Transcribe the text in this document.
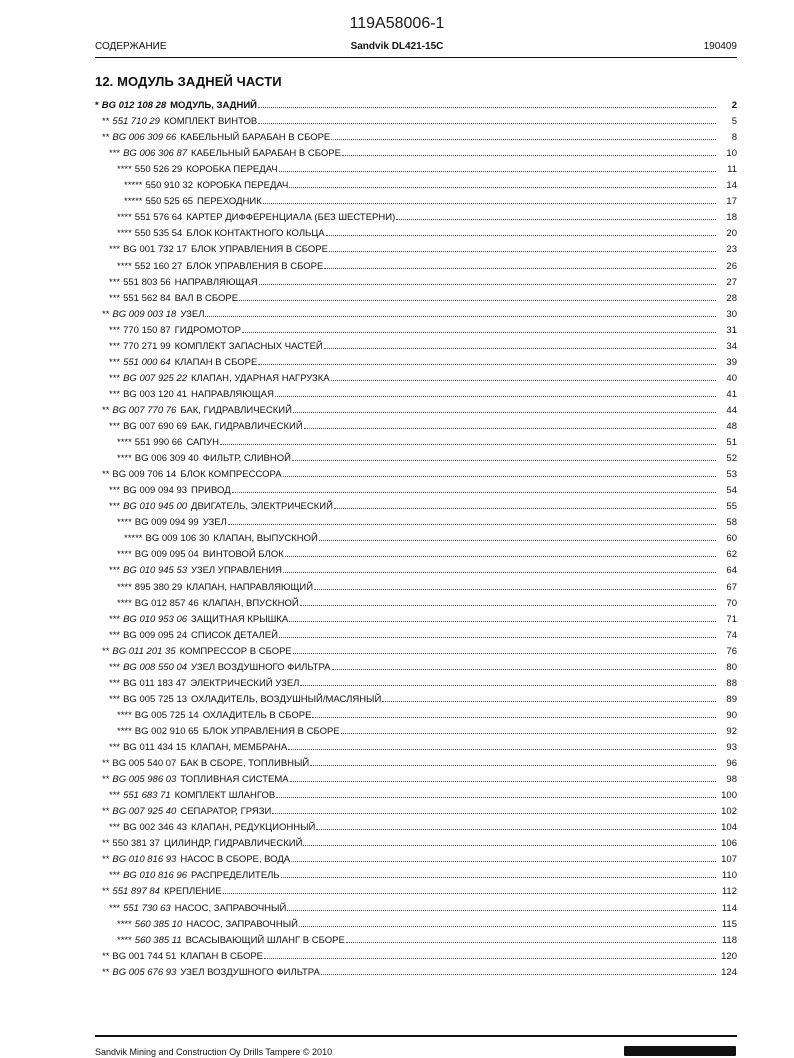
119A58006-1
СОДЕРЖАНИЕ	Sandvik DL421-15C	190409
12. МОДУЛЬ ЗАДНЕЙ ЧАСТИ
* BG 012 108 28 МОДУЛЬ, ЗАДНИЙ	2
** 551 710 29 КОМПЛЕКТ ВИНТОВ	5
** BG 006 309 66 КАБЕЛЬНЫЙ БАРАБАН В СБОРЕ	8
*** BG 006 306 87 КАБЕЛЬНЫЙ БАРАБАН В СБОРЕ	10
**** 550 526 29 КОРОБКА ПЕРЕДАЧ	11
***** 550 910 32 КОРОБКА ПЕРЕДАЧ	14
***** 550 525 65 ПЕРЕХОДНИК	17
**** 551 576 64 КАРТЕР ДИФФЕРЕНЦИАЛА (БЕЗ ШЕСТЕРНИ)	18
**** 550 535 54 БЛОК КОНТАКТНОГО КОЛЬЦА	20
*** BG 001 732 17 БЛОК УПРАВЛЕНИЯ В СБОРЕ	23
**** 552 160 27 БЛОК УПРАВЛЕНИЯ В СБОРЕ	26
*** 551 803 56 НАПРАВЛЯЮЩАЯ	27
*** 551 562 84 ВАЛ В СБОРЕ	28
** BG 009 003 18 УЗЕЛ	30
*** 770 150 87 ГИДРОМОТОР	31
*** 770 271 99 КОМПЛЕКТ ЗАПАСНЫХ ЧАСТЕЙ	34
*** 551 000 64 КЛАПАН В СБОРЕ	39
*** BG 007 925 22 КЛАПАН, УДАРНАЯ НАГРУЗКА	40
*** BG 003 120 41 НАПРАВЛЯЮЩАЯ	41
** BG 007 770 76 БАК, ГИДРАВЛИЧЕСКИЙ	44
*** BG 007 690 69 БАК, ГИДРАВЛИЧЕСКИЙ	48
**** 551 990 66 САПУН	51
**** BG 006 309 40 ФИЛЬТР, СЛИВНОЙ	52
** BG 009 706 14 БЛОК КОМПРЕССОРА	53
*** BG 009 094 93 ПРИВОД	54
*** BG 010 945 00 ДВИГАТЕЛЬ, ЭЛЕКТРИЧЕСКИЙ	55
**** BG 009 094 99 УЗЕЛ	58
***** BG 009 106 30 КЛАПАН, ВЫПУСКНОЙ	60
**** BG 009 095 04 ВИНТОВОЙ БЛОК	62
*** BG 010 945 53 УЗЕЛ УПРАВЛЕНИЯ	64
**** 895 380 29 КЛАПАН, НАПРАВЛЯЮЩИЙ	67
**** BG 012 857 46 КЛАПАН, ВПУСКНОЙ	70
*** BG 010 953 06 ЗАЩИТНАЯ КРЫШКА	71
*** BG 009 095 24 СПИСОК ДЕТАЛЕЙ	74
** BG 011 201 35 КОМПРЕССОР В СБОРЕ	76
*** BG 008 550 04 УЗЕЛ ВОЗДУШНОГО ФИЛЬТРА	80
*** BG 011 183 47 ЭЛЕКТРИЧЕСКИЙ УЗЕЛ	88
*** BG 005 725 13 ОХЛАДИТЕЛЬ, ВОЗДУШНЫЙ/МАСЛЯНЫЙ	89
**** BG 005 725 14 ОХЛАДИТЕЛЬ В СБОРЕ	90
**** BG 002 910 65 БЛОК УПРАВЛЕНИЯ В СБОРЕ	92
*** BG 011 434 15 КЛАПАН, МЕМБРАНА	93
** BG 005 540 07 БАК В СБОРЕ, ТОПЛИВНЫЙ	96
** BG 005 986 03 ТОПЛИВНАЯ СИСТЕМА	98
*** 551 683 71 КОМПЛЕКТ ШЛАНГОВ	100
** BG 007 925 40 СЕПАРАТОР, ГРЯЗИ	102
*** BG 002 346 43 КЛАПАН, РЕДУКЦИОННЫЙ	104
** 550 381 37 ЦИЛИНДР, ГИДРАВЛИЧЕСКИЙ	106
** BG 010 816 93 НАСОС В СБОРЕ, ВОДА	107
*** BG 010 816 96 РАСПРЕДЕЛИТЕЛЬ	110
** 551 897 84 КРЕПЛЕНИЕ	112
*** 551 730 63 НАСОС, ЗАПРАВОЧНЫЙ	114
**** 560 385 10 НАСОС, ЗАПРАВОЧНЫЙ	115
**** 560 385 11 ВСАСЫВАЮЩИЙ ШЛАНГ В СБОРЕ	118
** BG 001 744 51 КЛАПАН В СБОРЕ	120
** BG 005 676 93 УЗЕЛ ВОЗДУШНОГО ФИЛЬТРА	124
Sandvik Mining and Construction Oy Drills Tampere © 2010
